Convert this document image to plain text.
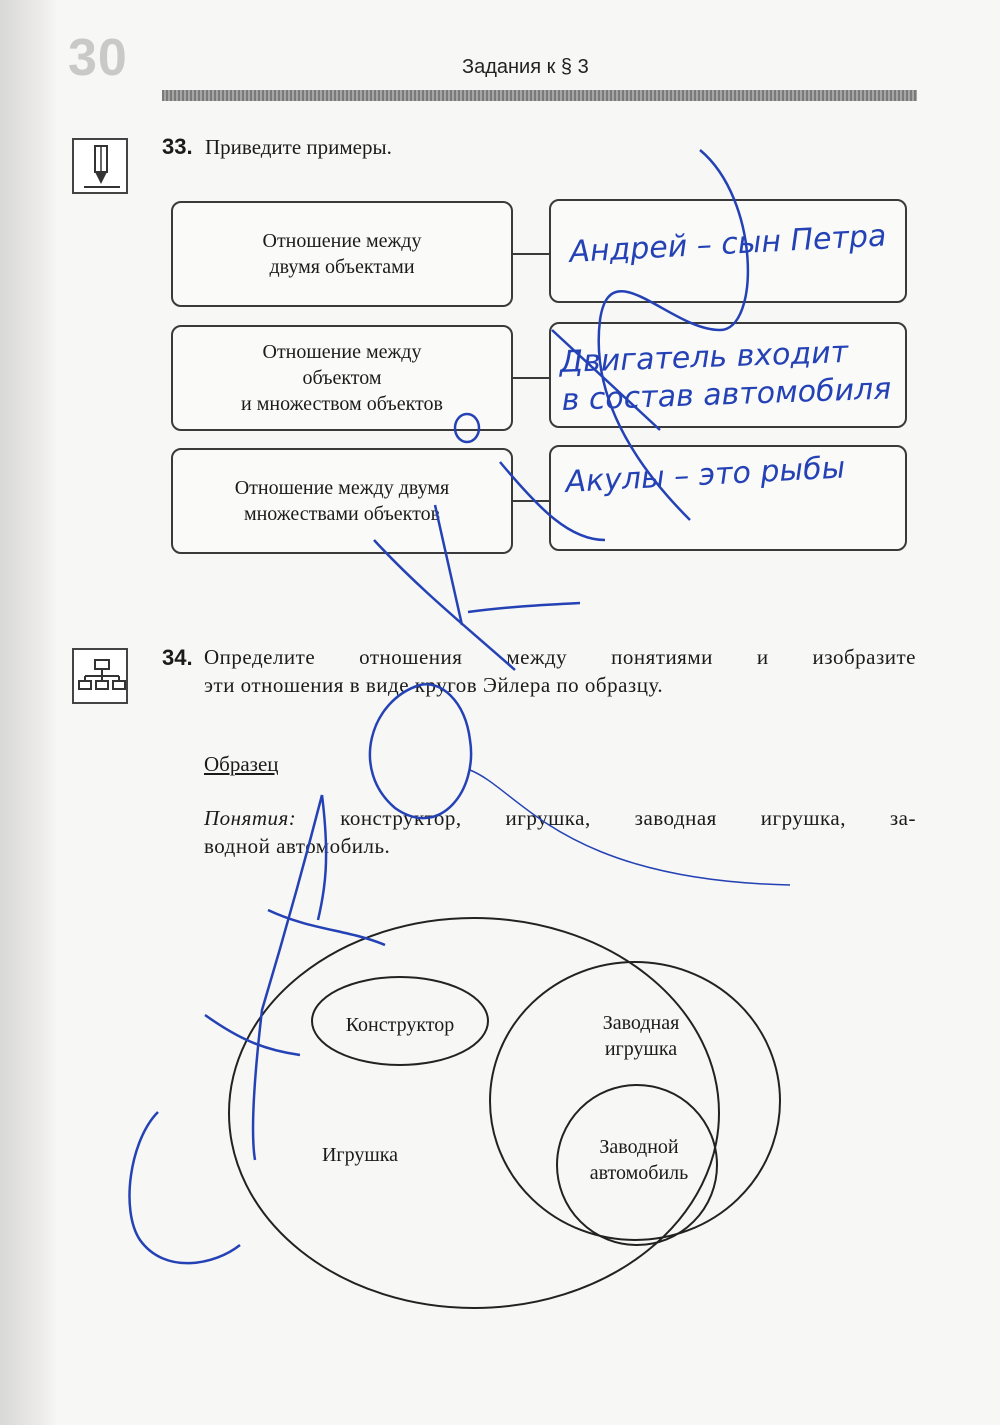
30	Задания к § 3
33. Приведите примеры.
Отношение между
двумя объектами
Отношение между
объектом
и множеством объектов
Отношение между двумя
множествами объектов
34. Определите отношения между понятиями и изобразите
эти отношения в виде кругов Эйлера по образцу.
Образец
Понятия: конструктор, игрушка, заводная игрушка, за-
водной автомобиль.
Конструктор	Заводная
игрушка
Заводной
автомобиль
Игрушка
Андрей – сын Петра
Двигатель входит
в состав автомобиля
Акулы – это рыбы
